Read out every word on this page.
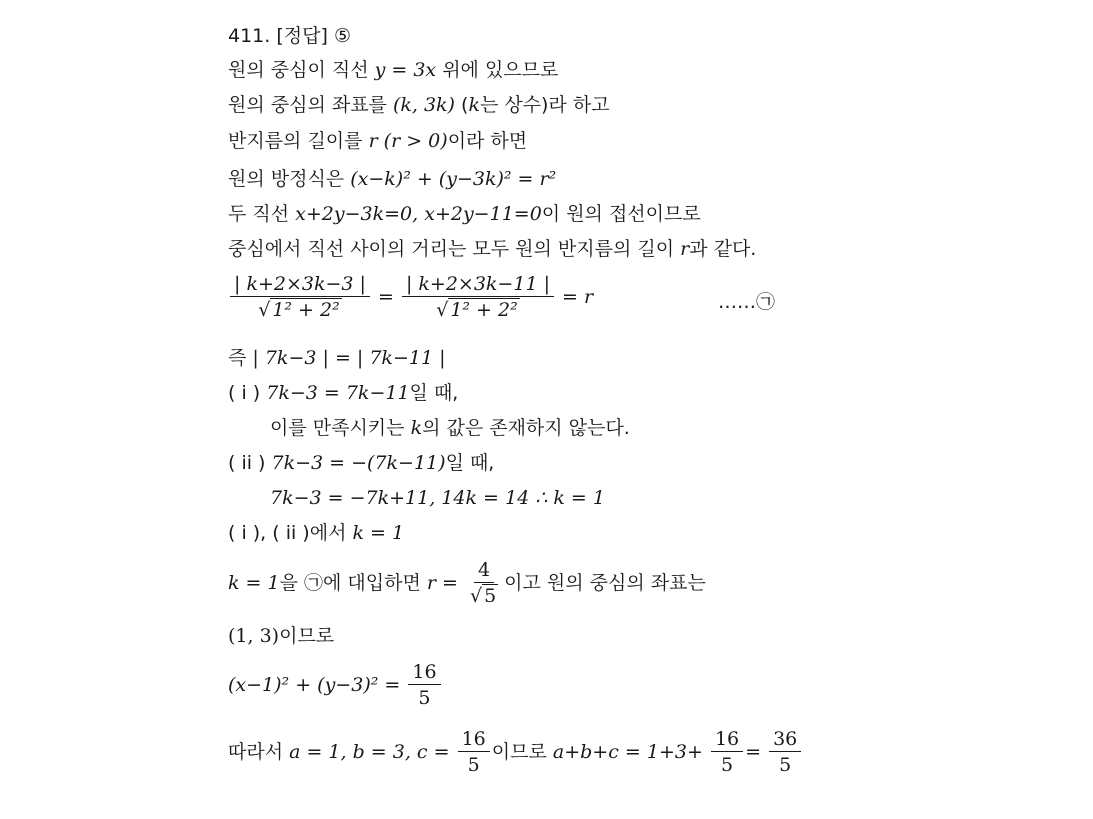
411. [정답] ⑤
원의 중심이 직선 y = 3x 위에 있으므로
원의 중심의 좌표를 (k, 3k) (k는 상수)라 하고
반지름의 길이를 r (r > 0)이라 하면
원의 방정식은 (x−k)² + (y−3k)² = r²
두 직선 x+2y−3k=0, x+2y−11=0이 원의 접선이므로
중심에서 직선 사이의 거리는 모두 원의 반지름의 길이 r과 같다.
$\frac{| k+2\times 3k-3 |}{\text{√ 1² + 2²}} = \frac{| k+2\times 3k-11 |}{\text{√ 1² + 2²}} = r$	……㉠
즉 | 7k−3 | = | 7k−11 |
( i ) 7k−3 = 7k−11일 때,
이를 만족시키는 k의 값은 존재하지 않는다.
( ii ) 7k−3 = −(7k−11)일 때,
7k−3 = −7k+11, 14k = 14 ∴ k = 1
( i ), ( ii )에서 k = 1
k = 1을 ㉠에 대입하면 $r = \frac{4}{√ 5}$ 이고 원의 중심의 좌표는
(1, 3)이므로
$(x-1)^2 + (y-3)^2 = \frac{16}{5}$
따라서 a = 1, b = 3, $c = \frac{16}{5}$ 이므로 $a+b+c = 1+3+ \frac{16}{5} = \frac{36}{5}$
